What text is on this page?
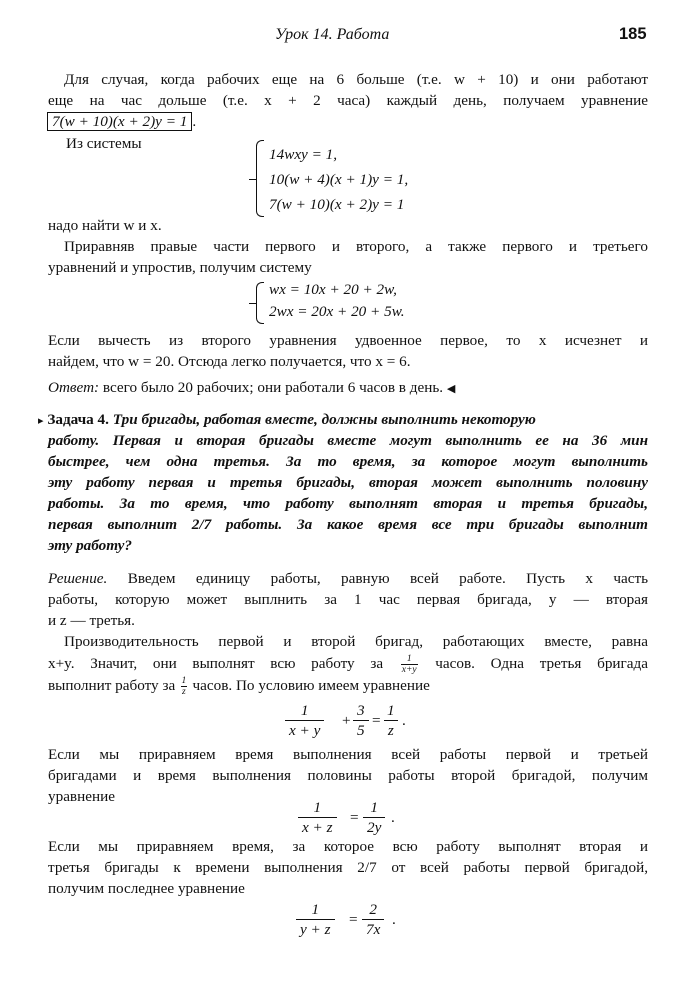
Урок 14. Работа	185
Для случая, когда рабочих еще на 6 больше (т.е. w + 10) и они работают
еще на час дольше (т.е. x + 2 часа) каждый день, получаем уравнение
7(w + 10)(x + 2)y = 1 .
Из системы
14wxy = 1,
10(w + 4)(x + 1)y = 1,
7(w + 10)(x + 2)y = 1
надо найти w и x.
Приравняв правые части первого и второго, а также первого и третьего
уравнений и упростив, получим систему
wx = 10x + 20 + 2w,
2wx = 20x + 20 + 5w.
Если вычесть из второго уравнения удвоенное первое, то x исчезнет и
найдем, что w = 20. Отсюда легко получается, что x = 6.
Ответ: всего было 20 рабочих; они работали 6 часов в день. ◀
▸ Задача 4. Три бригады, работая вместе, должны выполнить некоторую
работу. Первая и вторая бригады вместе могут выполнить ее на 36 мин
быстрее, чем одна третья. За то время, за которое могут выполнить
эту работу первая и третья бригады, вторая может выполнить половину
работы. За то время, что работу выполнят вторая и третья бригады,
первая выполнит 2/7 работы. За какое время все три бригады выполнит
эту работу?
Решение. Введем единицу работы, равную всей работе. Пусть x часть
работы, которую может выплнить за 1 час первая бригада, y — вторая
и z — третья.
Производительность первой и второй бригад, работающих вместе, равна
x+y. Значит, они выполнят всю работу за $\frac{1}{x+y}$ часов. Одна третья бригада
выполнит работу за $\frac{1}{z}$ часов. По условию имеем уравнение
$\frac{1}{x + y} + \frac{3}{5} = \frac{1}{z}$ .
Если мы приравняем время выполнения всей работы первой и третьей
бригадами и время выполнения половины работы второй бригадой, получим
уравнение
$\frac{1}{x + z} = \frac{1}{2y}$ .
Если мы приравняем время, за которое всю работу выполнят вторая и
третья бригады к времени выполнения 2/7 от всей работы первой бригадой,
получим последнее уравнение
$\frac{1}{y + z} = \frac{2}{7x}$ .
